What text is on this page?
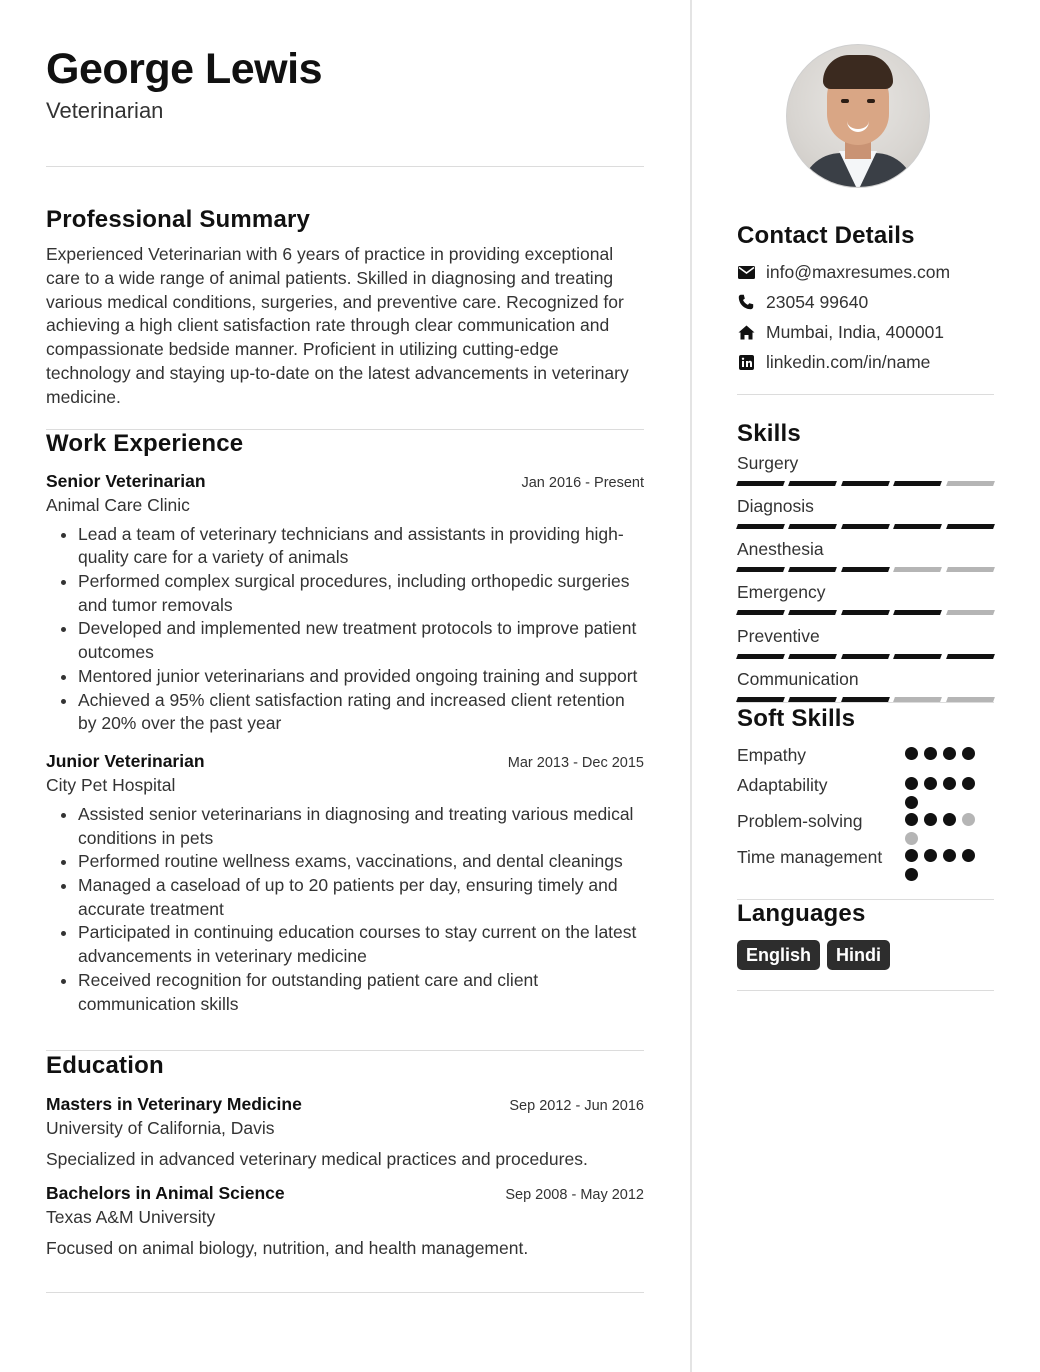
George Lewis
Veterinarian
Professional Summary
Experienced Veterinarian with 6 years of practice in providing exceptional care to a wide range of animal patients. Skilled in diagnosing and treating various medical conditions, surgeries, and preventive care. Recognized for achieving a high client satisfaction rate through clear communication and compassionate bedside manner. Proficient in utilizing cutting-edge technology and staying up-to-date on the latest advancements in veterinary medicine.
Work Experience
Senior Veterinarian	Jan 2016 - Present
Animal Care Clinic
• Lead a team of veterinary technicians and assistants in providing high-quality care for a variety of animals
• Performed complex surgical procedures, including orthopedic surgeries and tumor removals
• Developed and implemented new treatment protocols to improve patient outcomes
• Mentored junior veterinarians and provided ongoing training and support
• Achieved a 95% client satisfaction rating and increased client retention by 20% over the past year
Junior Veterinarian	Mar 2013 - Dec 2015
City Pet Hospital
• Assisted senior veterinarians in diagnosing and treating various medical conditions in pets
• Performed routine wellness exams, vaccinations, and dental cleanings
• Managed a caseload of up to 20 patients per day, ensuring timely and accurate treatment
• Participated in continuing education courses to stay current on the latest advancements in veterinary medicine
• Received recognition for outstanding patient care and client communication skills
Education
Masters in Veterinary Medicine	Sep 2012 - Jun 2016
University of California, Davis
Specialized in advanced veterinary medical practices and procedures.
Bachelors in Animal Science	Sep 2008 - May 2012
Texas A&M University
Focused on animal biology, nutrition, and health management.
Contact Details
info@maxresumes.com
23054 99640
Mumbai, India, 400001
linkedin.com/in/name
Skills
Surgery
Diagnosis
Anesthesia
Emergency
Preventive
Communication
Soft Skills
Empathy
Adaptability
Problem-solving
Time management
Languages
English	Hindi
